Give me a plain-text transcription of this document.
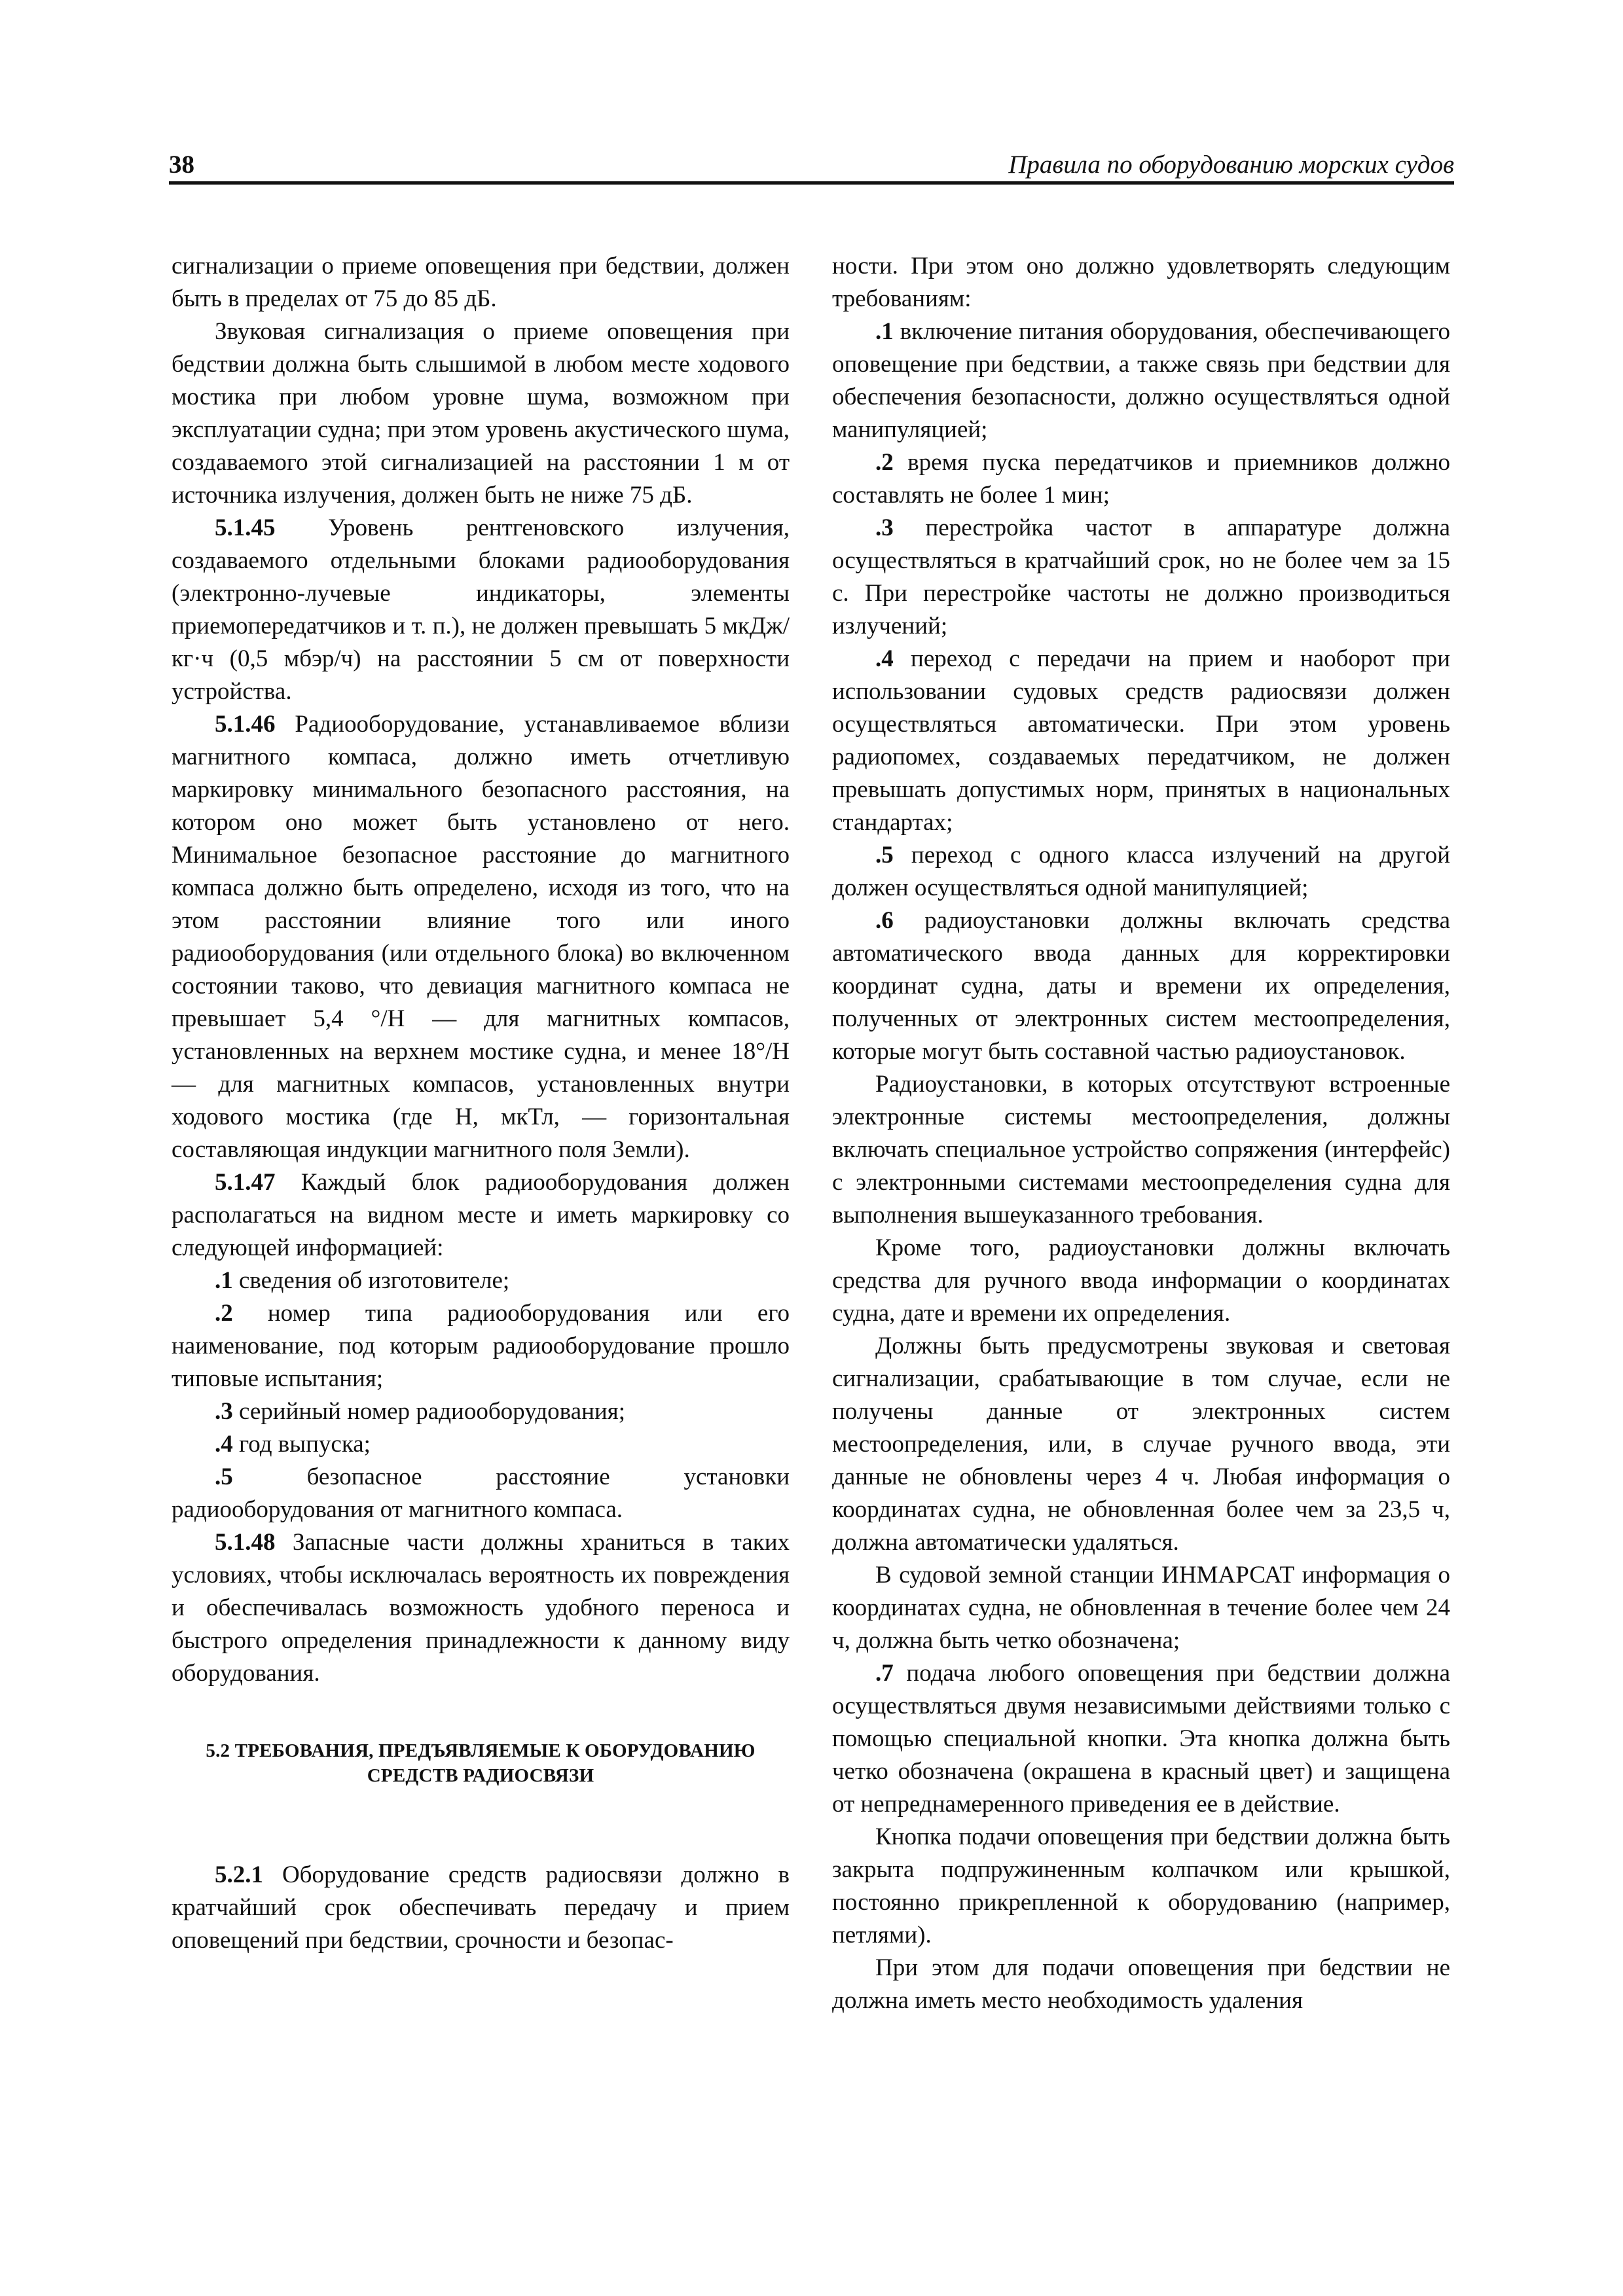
38	Правила по оборудованию морских судов

сигнализации о приеме оповещения при бедствии, должен быть в пределах от 75 до 85 дБ.

Звуковая сигнализация о приеме оповещения при бедствии должна быть слышимой в любом месте ходового мостика при любом уровне шума, возможном при эксплуатации судна; при этом уровень акустического шума, создаваемого этой сигнализацией на расстоянии 1 м от источника излучения, должен быть не ниже 75 дБ.

5.1.45 Уровень рентгеновского излучения, создаваемого отдельными блоками радиооборудования (электронно-лучевые индикаторы, элементы приемопередатчиков и т. п.), не должен превышать 5 мкДж/кг·ч (0,5 мбэр/ч) на расстоянии 5 см от поверхности устройства.

5.1.46 Радиооборудование, устанавливаемое вблизи магнитного компаса, должно иметь отчетливую маркировку минимального безопасного расстояния, на котором оно может быть установлено от него. Минимальное безопасное расстояние до магнитного компаса должно быть определено, исходя из того, что на этом расстоянии влияние того или иного радиооборудования (или отдельного блока) во включенном состоянии таково, что девиация магнитного компаса не превышает 5,4 °/H — для магнитных компасов, установленных на верхнем мостике судна, и менее 18°/H — для магнитных компасов, установленных внутри ходового мостика (где H, мкТл, — горизонтальная составляющая индукции магнитного поля Земли).

5.1.47 Каждый блок радиооборудования должен располагаться на видном месте и иметь маркировку со следующей информацией:

.1 сведения об изготовителе;

.2 номер типа радиооборудования или его наименование, под которым радиооборудование прошло типовые испытания;

.3 серийный номер радиооборудования;

.4 год выпуска;

.5 безопасное расстояние установки радиооборудования от магнитного компаса.

5.1.48 Запасные части должны храниться в таких условиях, чтобы исключалась вероятность их повреждения и обеспечивалась возможность удобного переноса и быстрого определения принадлежности к данному виду оборудования.

5.2 ТРЕБОВАНИЯ, ПРЕДЪЯВЛЯЕМЫЕ К ОБОРУДОВАНИЮ СРЕДСТВ РАДИОСВЯЗИ

5.2.1 Оборудование средств радиосвязи должно в кратчайший срок обеспечивать передачу и прием оповещений при бедствии, срочности и безопас-

ности. При этом оно должно удовлетворять следующим требованиям:

.1 включение питания оборудования, обеспечивающего оповещение при бедствии, а также связь при бедствии для обеспечения безопасности, должно осуществляться одной манипуляцией;

.2 время пуска передатчиков и приемников должно составлять не более 1 мин;

.3 перестройка частот в аппаратуре должна осуществляться в кратчайший срок, но не более чем за 15 с. При перестройке частоты не должно производиться излучений;

.4 переход с передачи на прием и наоборот при использовании судовых средств радиосвязи должен осуществляться автоматически. При этом уровень радиопомех, создаваемых передатчиком, не должен превышать допустимых норм, принятых в национальных стандартах;

.5 переход с одного класса излучений на другой должен осуществляться одной манипуляцией;

.6 радиоустановки должны включать средства автоматического ввода данных для корректировки координат судна, даты и времени их определения, полученных от электронных систем местоопределения, которые могут быть составной частью радиоустановок.

Радиоустановки, в которых отсутствуют встроенные электронные системы местоопределения, должны включать специальное устройство сопряжения (интерфейс) с электронными системами местоопределения судна для выполнения вышеуказанного требования.

Кроме того, радиоустановки должны включать средства для ручного ввода информации о координатах судна, дате и времени их определения.

Должны быть предусмотрены звуковая и световая сигнализации, срабатывающие в том случае, если не получены данные от электронных систем местоопределения, или, в случае ручного ввода, эти данные не обновлены через 4 ч. Любая информация о координатах судна, не обновленная более чем за 23,5 ч, должна автоматически удаляться.

В судовой земной станции ИНМАРСАТ информация о координатах судна, не обновленная в течение более чем 24 ч, должна быть четко обозначена;

.7 подача любого оповещения при бедствии должна осуществляться двумя независимыми действиями только с помощью специальной кнопки. Эта кнопка должна быть четко обозначена (окрашена в красный цвет) и защищена от непреднамеренного приведения ее в действие.

Кнопка подачи оповещения при бедствии должна быть закрыта подпружиненным колпачком или крышкой, постоянно прикрепленной к оборудованию (например, петлями).

При этом для подачи оповещения при бедствии не должна иметь место необходимость удаления
